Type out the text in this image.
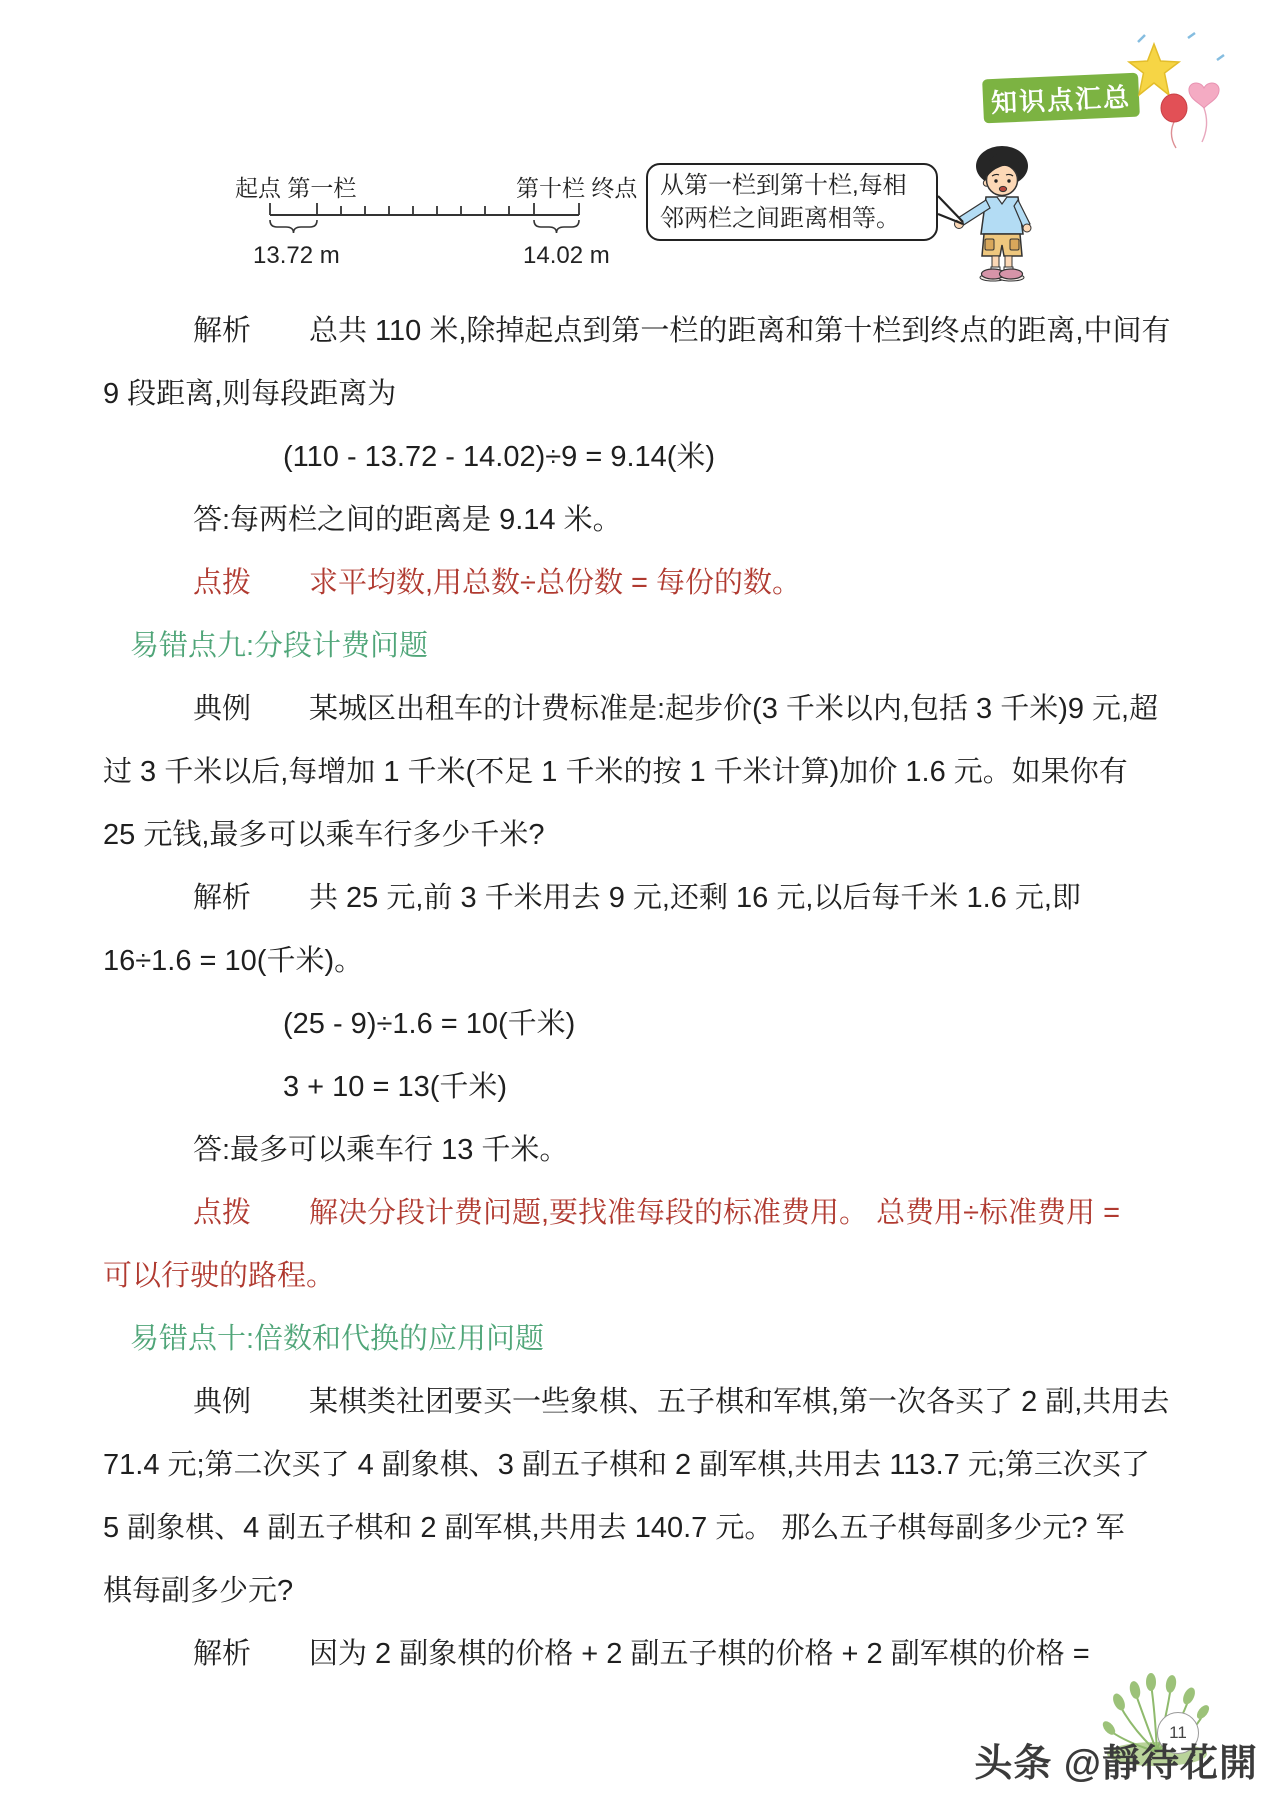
知识点汇总
起点 第一栏	第十栏 终点
13.72 m	14.02 m
从第一栏到第十栏,每相
邻两栏之间距离相等。
解析　　总共 110 米,除掉起点到第一栏的距离和第十栏到终点的距离,中间有
9 段距离,则每段距离为
(110 - 13.72 - 14.02)÷9 = 9.14(米)
答:每两栏之间的距离是 9.14 米。
点拨　　求平均数,用总数÷总份数 = 每份的数。
易错点九:分段计费问题
典例　　某城区出租车的计费标准是:起步价(3 千米以内,包括 3 千米)9 元,超
过 3 千米以后,每增加 1 千米(不足 1 千米的按 1 千米计算)加价 1.6 元。如果你有
25 元钱,最多可以乘车行多少千米?
解析　　共 25 元,前 3 千米用去 9 元,还剩 16 元,以后每千米 1.6 元,即
16÷1.6 = 10(千米)。
(25 - 9)÷1.6 = 10(千米)
3 + 10 = 13(千米)
答:最多可以乘车行 13 千米。
点拨　　解决分段计费问题,要找准每段的标准费用。 总费用÷标准费用 =
可以行驶的路程。
易错点十:倍数和代换的应用问题
典例　　某棋类社团要买一些象棋、五子棋和军棋,第一次各买了 2 副,共用去
71.4 元;第二次买了 4 副象棋、3 副五子棋和 2 副军棋,共用去 113.7 元;第三次买了
5 副象棋、4 副五子棋和 2 副军棋,共用去 140.7 元。 那么五子棋每副多少元? 军
棋每副多少元?
解析　　因为 2 副象棋的价格 + 2 副五子棋的价格 + 2 副军棋的价格 =
11
头条 @靜待花開
